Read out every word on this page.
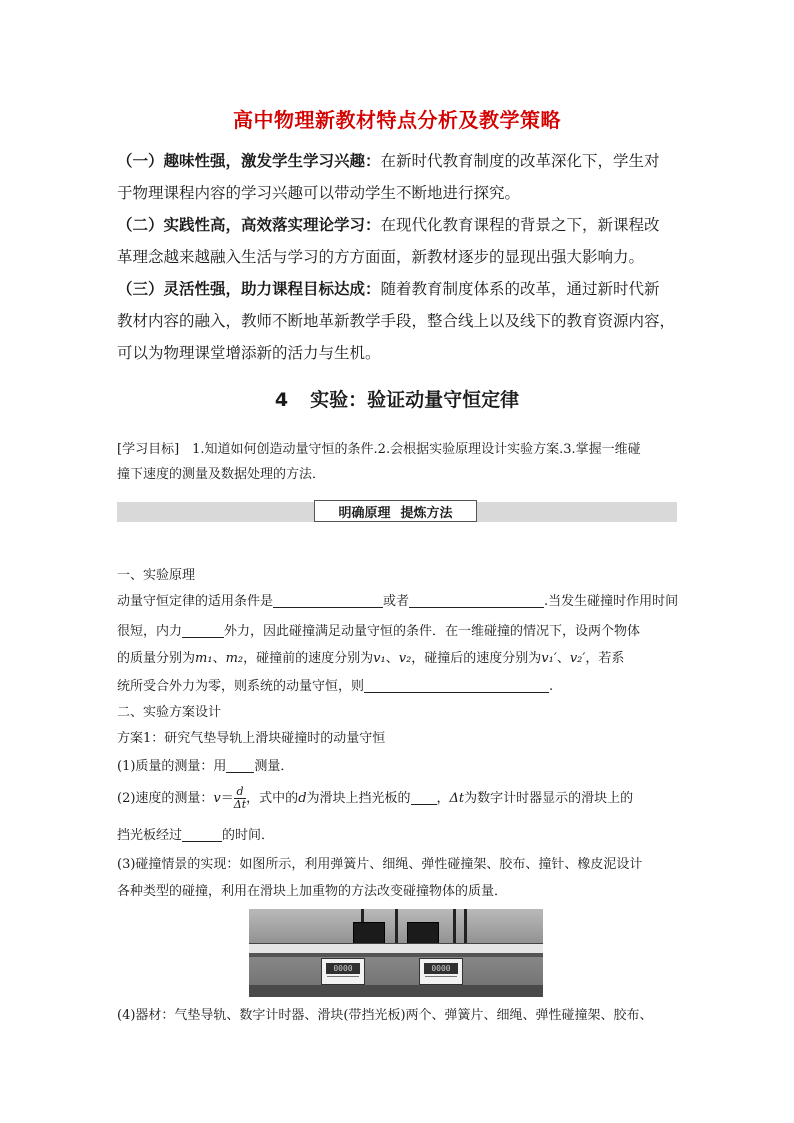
高中物理新教材特点分析及教学策略
（一）趣味性强，激发学生学习兴趣：在新时代教育制度的改革深化下，学生对
于物理课程内容的学习兴趣可以带动学生不断地进行探究。
（二）实践性高，高效落实理论学习：在现代化教育课程的背景之下，新课程改
革理念越来越融入生活与学习的方方面面，新教材逐步的显现出强大影响力。
（三）灵活性强，助力课程目标达成：随着教育制度体系的改革，通过新时代新
教材内容的融入，教师不断地革新教学手段，整合线上以及线下的教育资源内容，
可以为物理课堂增添新的活力与生机。
4 实验：验证动量守恒定律
[学习目标]　1.知道如何创造动量守恒的条件.2.会根据实验原理设计实验方案.3.掌握一维碰
撞下速度的测量及数据处理的方法．
明确原理 提炼方法
一、实验原理
动量守恒定律的适用条件是	或者	.当发生碰撞时作用时间
很短，内力	外力，因此碰撞满足动量守恒的条件．在一维碰撞的情况下，设两个物体
的质量分别为m₁、m₂，碰撞前的速度分别为v₁、v₂，碰撞后的速度分别为v₁′、v₂′，若系
统所受合外力为零，则系统的动量守恒，则	.
二、实验方案设计
方案1：研究气垫导轨上滑块碰撞时的动量守恒
(1)质量的测量：用 测量．
(2)速度的测量：$v= \frac{d}{\Delta t}$ ，式中的d为滑块上挡光板的 ，Δt为数字计时器显示的滑块上的
挡光板经过	的时间．
(3)碰撞情景的实现：如图所示，利用弹簧片、细绳、弹性碰撞架、胶布、撞针、橡皮泥设计
各种类型的碰撞，利用在滑块上加重物的方法改变碰撞物体的质量．
0000	0000
(4)器材：气垫导轨、数字计时器、滑块(带挡光板)两个、弹簧片、细绳、弹性碰撞架、胶布、
